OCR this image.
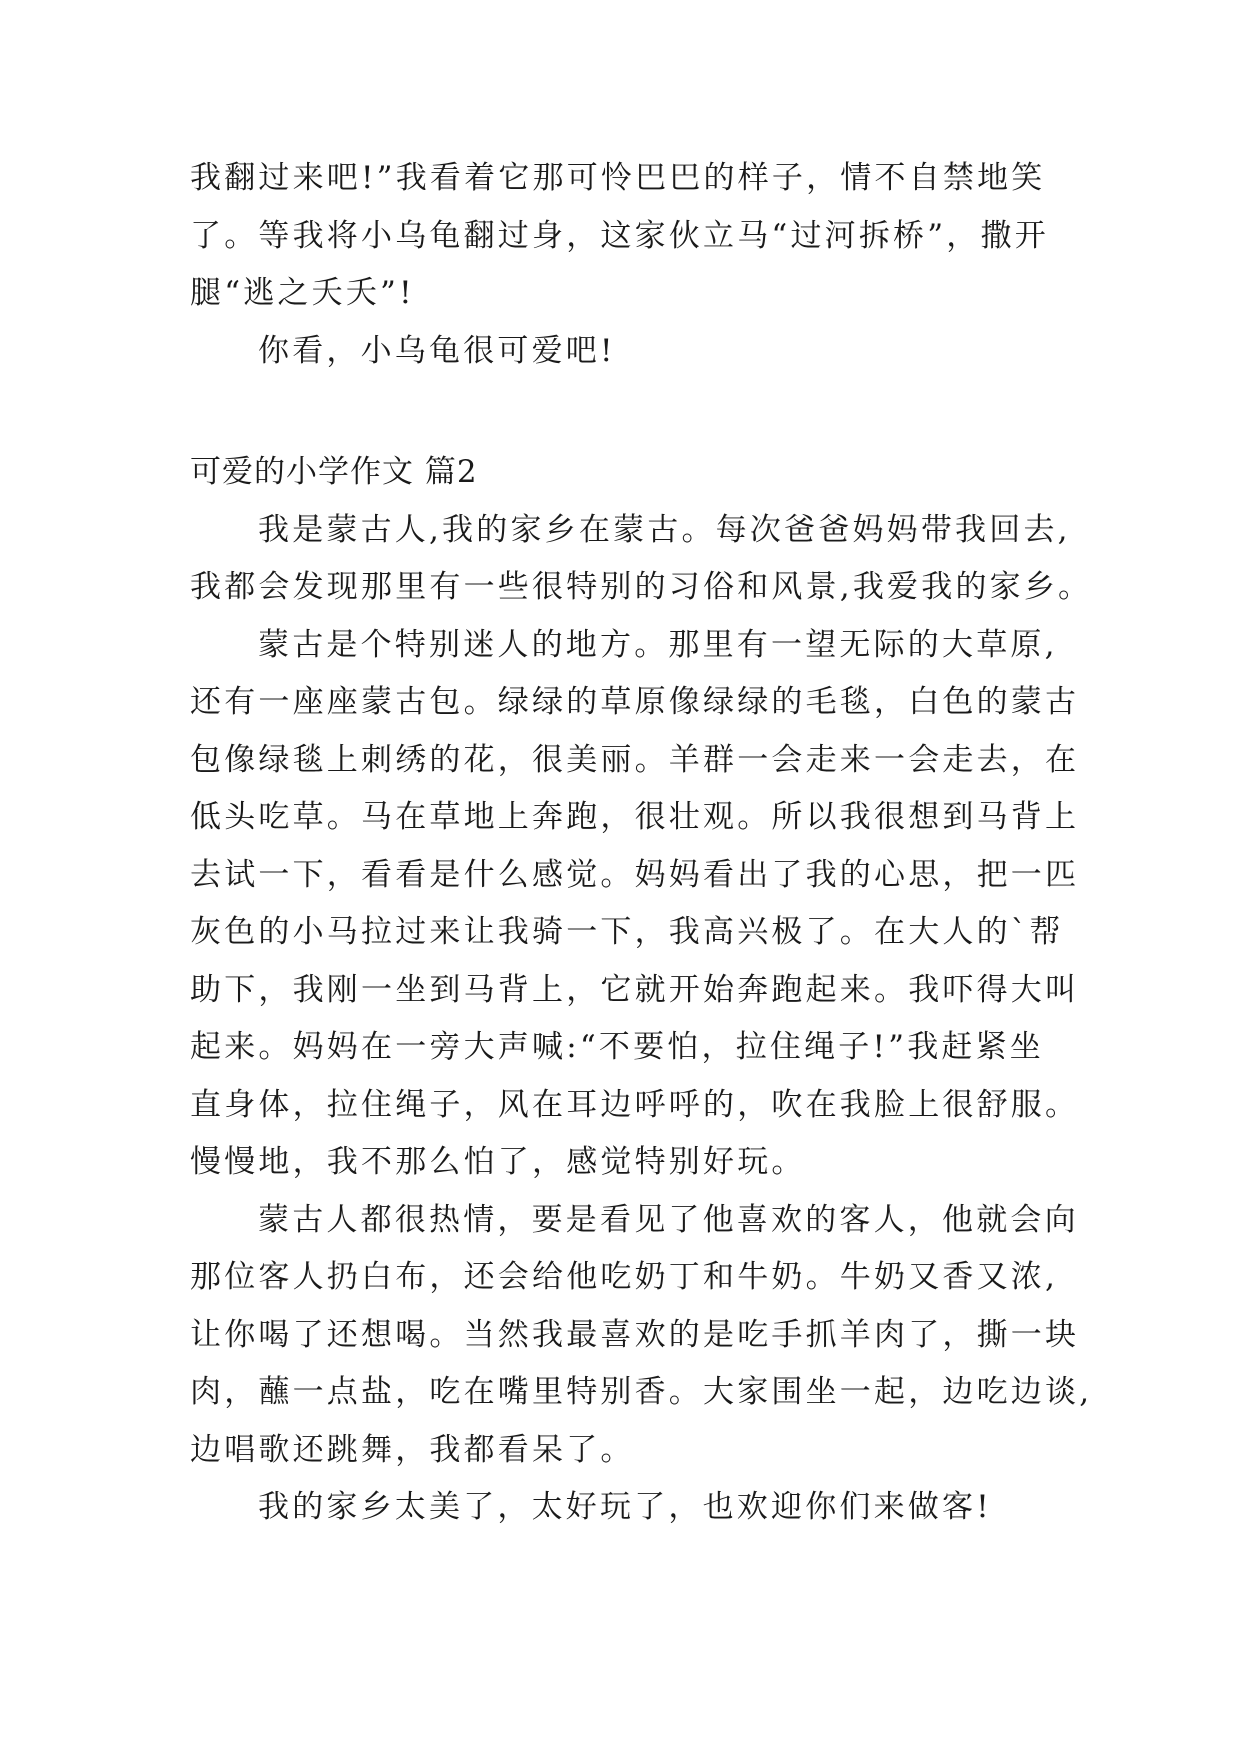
我翻过来吧!”我看着它那可怜巴巴的样子，情不自禁地笑
了。等我将小乌龟翻过身，这家伙立马“过河拆桥”，撒开
腿“逃之夭夭”!

你看，小乌龟很可爱吧!

可爱的小学作文 篇2

我是蒙古人,我的家乡在蒙古。每次爸爸妈妈带我回去,
我都会发现那里有一些很特别的习俗和风景,我爱我的家乡。

蒙古是个特别迷人的地方。那里有一望无际的大草原,
还有一座座蒙古包。绿绿的草原像绿绿的毛毯，白色的蒙古
包像绿毯上刺绣的花，很美丽。羊群一会走来一会走去，在
低头吃草。马在草地上奔跑，很壮观。所以我很想到马背上
去试一下，看看是什么感觉。妈妈看出了我的心思，把一匹
灰色的小马拉过来让我骑一下，我高兴极了。在大人的`帮
助下，我刚一坐到马背上，它就开始奔跑起来。我吓得大叫
起来。妈妈在一旁大声喊:“不要怕，拉住绳子!”我赶紧坐
直身体，拉住绳子，风在耳边呼呼的，吹在我脸上很舒服。
慢慢地，我不那么怕了，感觉特别好玩。

蒙古人都很热情，要是看见了他喜欢的客人，他就会向
那位客人扔白布，还会给他吃奶丁和牛奶。牛奶又香又浓,
让你喝了还想喝。当然我最喜欢的是吃手抓羊肉了，撕一块
肉，蘸一点盐，吃在嘴里特别香。大家围坐一起，边吃边谈,
边唱歌还跳舞，我都看呆了。

我的家乡太美了，太好玩了，也欢迎你们来做客!
